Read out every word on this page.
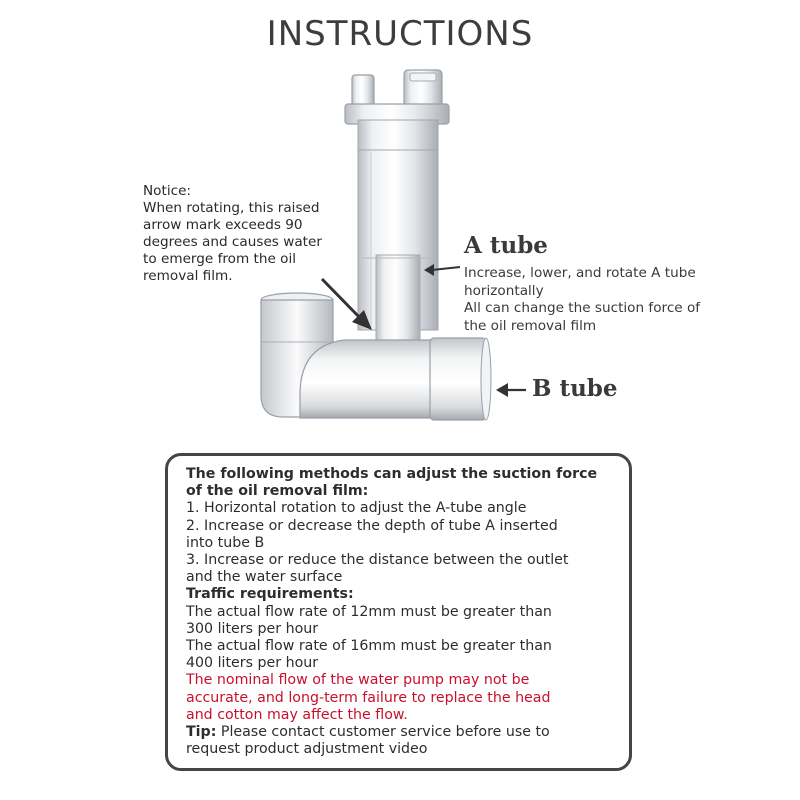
INSTRUCTIONS
Notice:
When rotating, this raised
arrow mark exceeds 90
degrees and causes water
to emerge from the oil
removal film.
A tube
Increase, lower, and rotate A tube
horizontally
All can change the suction force of
the oil removal film
B tube

The following methods can adjust the suction force

of the oil removal film:

1. Horizontal rotation to adjust the A-tube angle

2. Increase or decrease the depth of tube A inserted

into tube B

3. Increase or reduce the distance between the outlet

and the water surface

Traffic requirements:

The actual flow rate of 12mm must be greater than

300 liters per hour

The actual flow rate of 16mm must be greater than

400 liters per hour

The nominal flow of the water pump may not be

accurate, and long-term failure to replace the head

and cotton may affect the flow.

Tip: Please contact customer service before use to

request product adjustment video
